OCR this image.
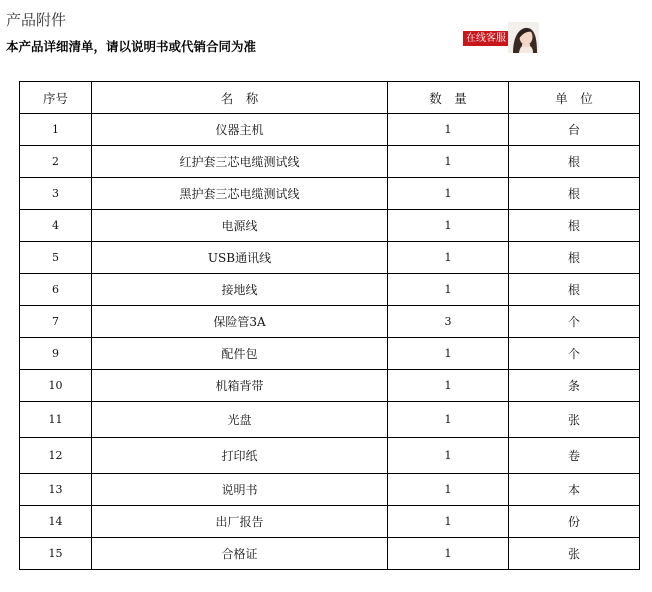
产品附件

本产品详细清单，请以说明书或代销合同为准

在线客服
序号	名　称	数　量	单　位
1	仪器主机	1	台
2	红护套三芯电缆测试线	1	根
3	黑护套三芯电缆测试线	1	根
4	电源线	1	根
5	USB通讯线	1	根
6	接地线	1	根
7	保险管3A	3	个
9	配件包	1	个
10	机箱背带	1	条
11	光盘	1	张
12	打印纸	1	卷
13	说明书	1	本
14	出厂报告	1	份
15	合格证	1	张
